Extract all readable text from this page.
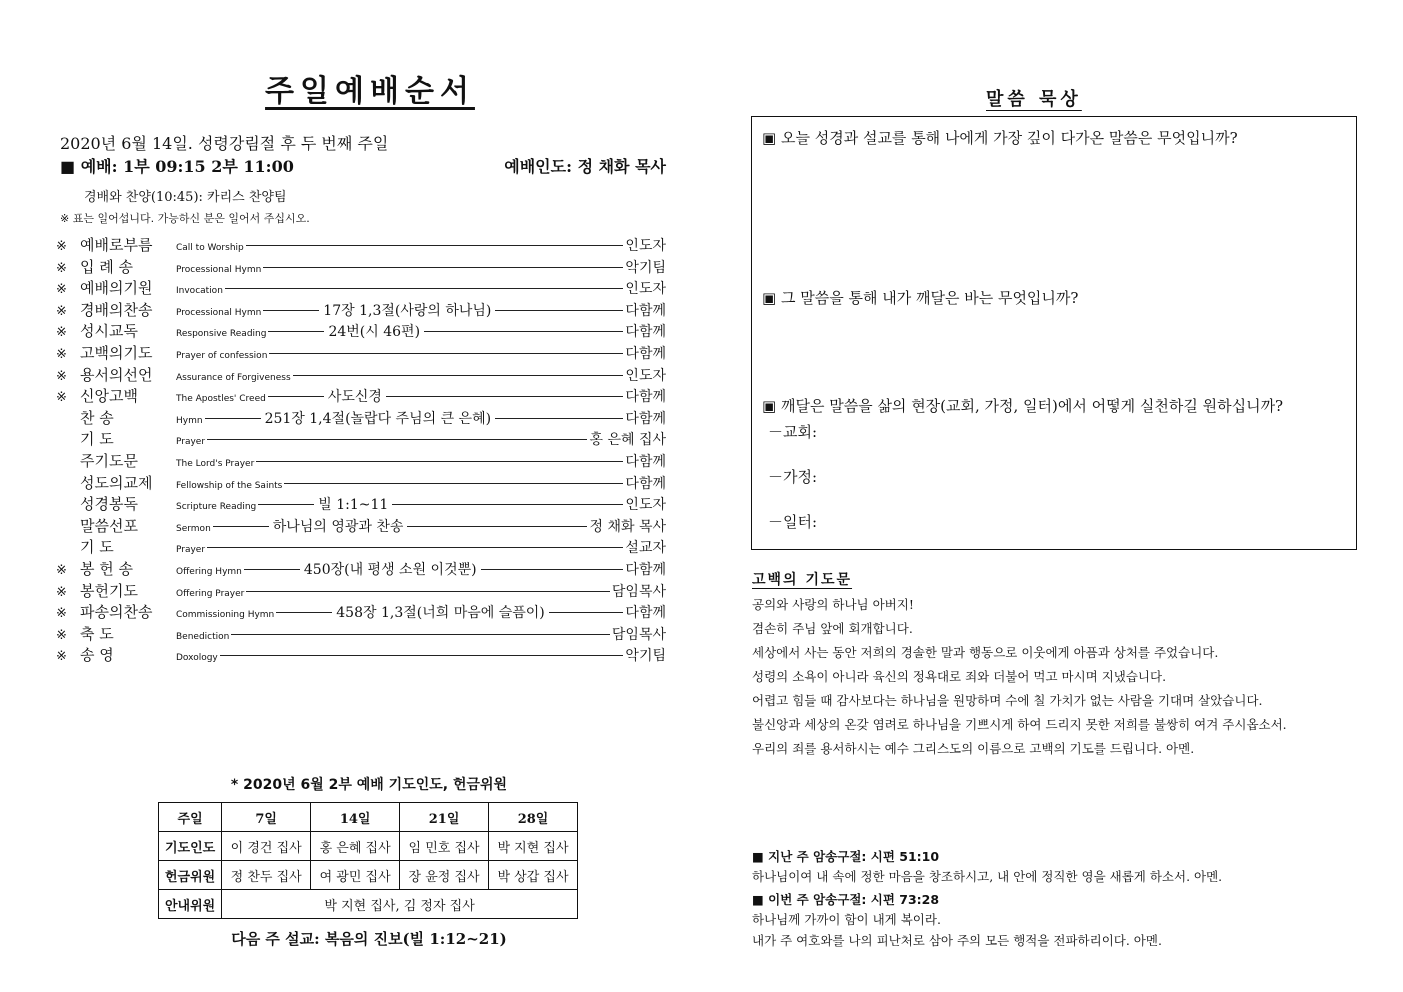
주일예배순서
2020년 6월 14일. 성령강림절 후 두 번째 주일
■ 예배: 1부 09:15 2부 11:00	예배인도: 정 채화 목사
경배와 찬양(10:45): 카리스 찬양팀
※ 표는 일어섭니다. 가능하신 분은 일어서 주십시오.
※ 예배로부름	Call to Worship	인도자
※ 입 례 송	Processional Hymn	악기팀
※ 예배의기원	Invocation	인도자
※ 경배의찬송	Processional Hymn	17장 1,3절(사랑의 하나님)	다함께
※ 성시교독	Responsive Reading	24번(시 46편)	다함께
※ 고백의기도	Prayer of confession	다함께
※ 용서의선언	Assurance of Forgiveness	인도자
※ 신앙고백	The Apostles' Creed	사도신경	다함께
찬 송	Hymn	251장 1,4절(놀랍다 주님의 큰 은혜)	다함께
기 도	Prayer	홍 은혜 집사
주기도문	The Lord's Prayer	다함께
성도의교제	Fellowship of the Saints	다함께
성경봉독	Scripture Reading	빌 1:1~11	인도자
말씀선포	Sermon	하나님의 영광과 찬송	정 채화 목사
기 도	Prayer	설교자
※ 봉 헌 송	Offering Hymn	450장(내 평생 소원 이것뿐)	다함께
※ 봉헌기도	Offering Prayer	담임목사
※ 파송의찬송	Commissioning Hymn	458장 1,3절(너희 마음에 슬픔이)	다함께
※ 축 도	Benediction	담임목사
※ 송 영	Doxology	악기팀
* 2020년 6월 2부 예배 기도인도, 헌금위원
주일	7일	14일	21일	28일
기도인도	이 경건 집사	홍 은혜 집사	임 민호 집사	박 지현 집사
헌금위원	정 찬두 집사	여 광민 집사	장 윤정 집사	박 상갑 집사
안내위원	박 지현 집사, 김 정자 집사			
다음 주 설교: 복음의 진보(빌 1:12~21)
말씀 묵상
▣ 오늘 성경과 설교를 통해 나에게 가장 깊이 다가온 말씀은 무엇입니까?
▣ 그 말씀을 통해 내가 깨달은 바는 무엇입니까?
▣ 깨달은 말씀을 삶의 현장(교회, 가정, 일터)에서 어떻게 실천하길 원하십니까?
－교회:
－가정:
－일터:
고백의 기도문
공의와 사랑의 하나님 아버지!
겸손히 주님 앞에 회개합니다.
세상에서 사는 동안 저희의 경솔한 말과 행동으로 이웃에게 아픔과 상처를 주었습니다.
성령의 소욕이 아니라 육신의 정욕대로 죄와 더불어 먹고 마시며 지냈습니다.
어렵고 힘들 때 감사보다는 하나님을 원망하며 수에 칠 가치가 없는 사람을 기대며 살았습니다.
불신앙과 세상의 온갖 염려로 하나님을 기쁘시게 하여 드리지 못한 저희를 불쌍히 여겨 주시옵소서.
우리의 죄를 용서하시는 예수 그리스도의 이름으로 고백의 기도를 드립니다. 아멘.
■ 지난 주 암송구절: 시편 51:10
하나님이여 내 속에 정한 마음을 창조하시고, 내 안에 정직한 영을 새롭게 하소서. 아멘.
■ 이번 주 암송구절: 시편 73:28
하나님께 가까이 함이 내게 복이라.
내가 주 여호와를 나의 피난처로 삼아 주의 모든 행적을 전파하리이다. 아멘.
